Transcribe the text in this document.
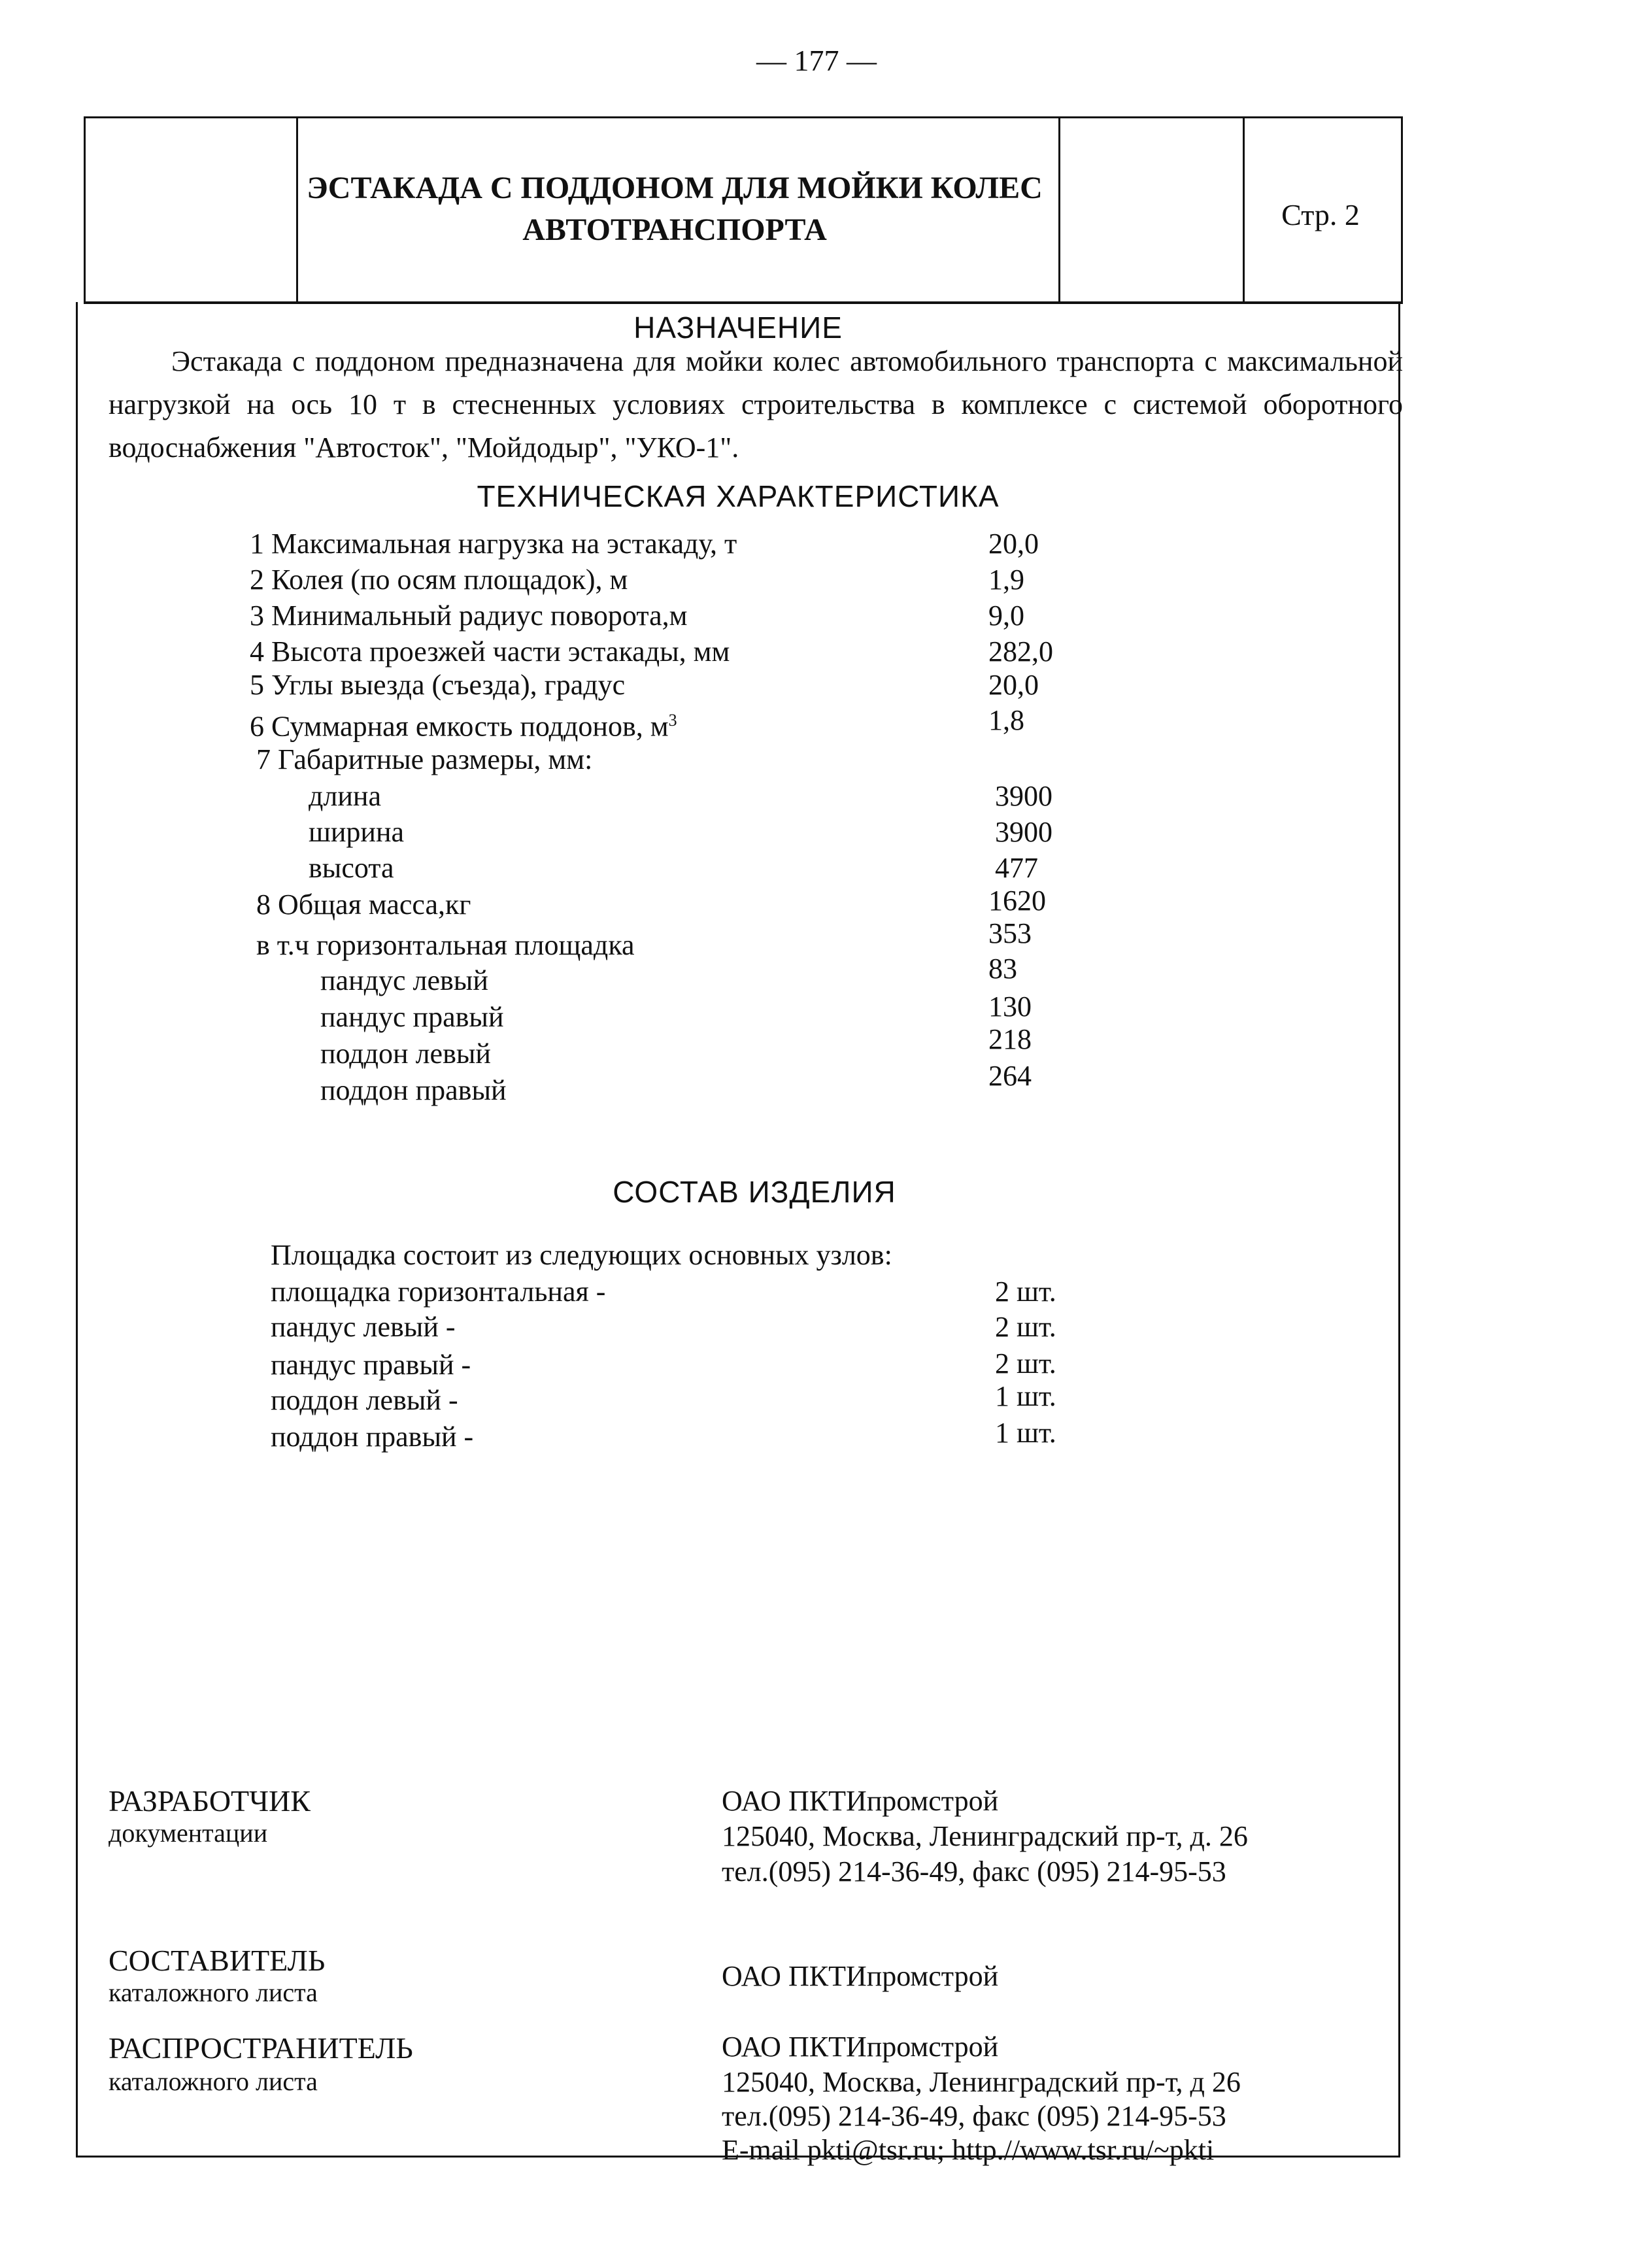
— 177 —
ЭСТАКАДА С ПОДДОНОМ ДЛЯ МОЙКИ КОЛЕС АВТОТРАНСПОРТА	Стр. 2
НАЗНАЧЕНИЕ

Эстакада с поддоном предназначена для мойки колес автомобильного транспорта с максимальной нагрузкой на ось 10 т в стесненных условиях строительства в комплексе с системой оборотного водоснабжения "Автосток", "Мойдодыр", "УКО-1".

ТЕХНИЧЕСКАЯ ХАРАКТЕРИСТИКА
1 Максимальная нагрузка на эстакаду, т	20,0
2 Колея (по осям площадок), м	1,9
3 Минимальный радиус поворота,м	9,0
4 Высота проезжей части эстакады, мм	282,0
5 Углы выезда (съезда), градус	20,0
6 Суммарная емкость поддонов, $м^3$	1,8
7 Габаритные размеры, мм:
длина	3900
ширина	3900
высота	477
8 Общая масса,кг	1620
в т.ч горизонтальная площадка	353
пандус левый	83
пандус правый	130
поддон левый	218
поддон правый	264
СОСТАВ ИЗДЕЛИЯ
Площадка состоит из следующих основных узлов:
площадка горизонтальная -	2 шт.
пандус левый -	2 шт.
пандус правый -	2 шт.
поддон левый -	1 шт.
поддон правый -	1 шт.
РАЗРАБОТЧИК
документации
ОАО ПКТИпромстрой
125040, Москва, Ленинградский пр-т, д. 26
тел.(095) 214-36-49, факс (095) 214-95-53
СОСТАВИТЕЛЬ
каталожного листа
ОАО ПКТИпромстрой
РАСПРОСТРАНИТЕЛЬ
каталожного листа
ОАО ПКТИпромстрой
125040, Москва, Ленинградский пр-т, д 26
тел.(095) 214-36-49, факс (095) 214-95-53
E-mail pkti@tsr.ru; http.//www.tsr.ru/~pkti
